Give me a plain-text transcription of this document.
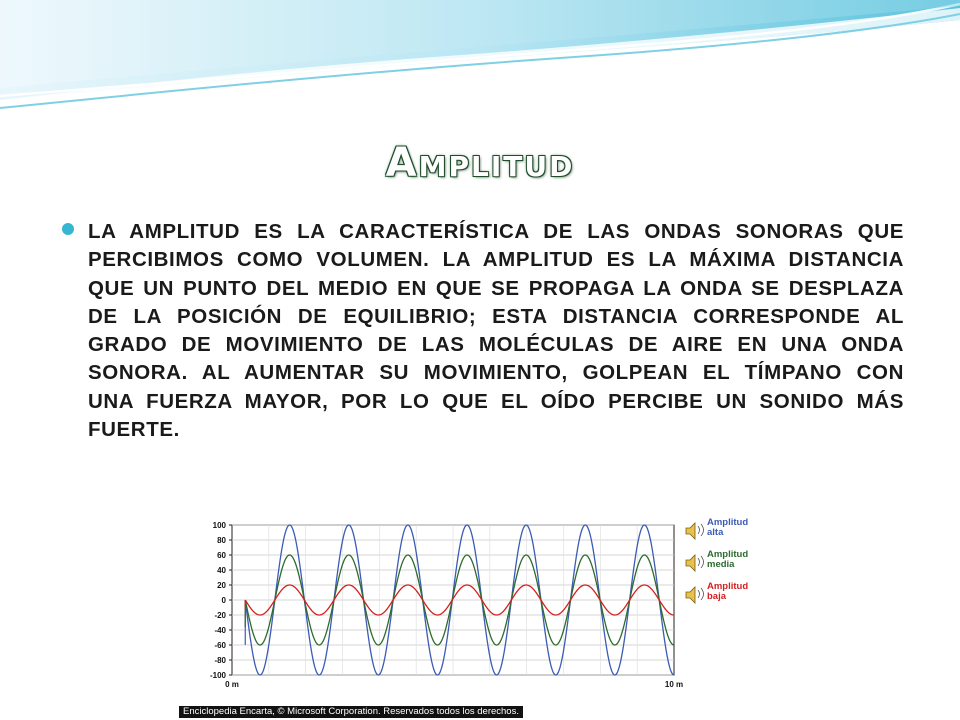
Amplitud
LA AMPLITUD ES LA CARACTERÍSTICA DE LAS ONDAS SONORAS QUE PERCIBIMOS COMO VOLUMEN. LA AMPLITUD ES LA MÁXIMA DISTANCIA QUE UN PUNTO DEL MEDIO EN QUE SE PROPAGA LA ONDA SE DESPLAZA DE LA POSICIÓN DE EQUILIBRIO; ESTA DISTANCIA CORRESPONDE AL GRADO DE MOVIMIENTO DE LAS MOLÉCULAS DE AIRE EN UNA ONDA SONORA. AL AUMENTAR SU MOVIMIENTO, GOLPEAN EL TÍMPANO CON UNA FUERZA MAYOR, POR LO QUE EL OÍDO PERCIBE UN SONIDO MÁS FUERTE.
100
80
60
40
20
0
-20
-40
-60
-80
-100
0 m	10 m
Amplitud
alta
Amplitud
media
Amplitud
baja
Enciclopedia Encarta, © Microsoft Corporation. Reservados todos los derechos.
